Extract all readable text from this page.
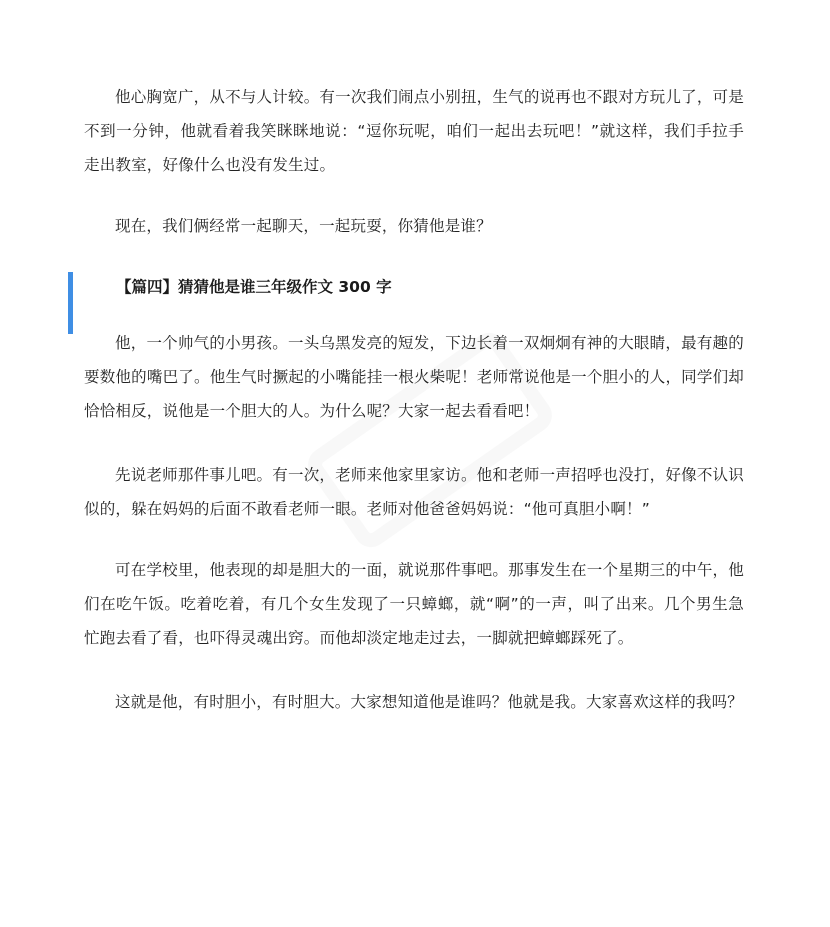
他心胸宽广，从不与人计较。有一次我们闹点小别扭，生气的说再也不跟对方玩儿了，可是不到一分钟，他就看着我笑眯眯地说：“逗你玩呢，咱们一起出去玩吧！”就这样，我们手拉手走出教室，好像什么也没有发生过。

现在，我们俩经常一起聊天，一起玩耍，你猜他是谁？

【篇四】猜猜他是谁三年级作文 300 字

他，一个帅气的小男孩。一头乌黑发亮的短发，下边长着一双炯炯有神的大眼睛，最有趣的要数他的嘴巴了。他生气时撅起的小嘴能挂一根火柴呢！老师常说他是一个胆小的人，同学们却恰恰相反，说他是一个胆大的人。为什么呢？大家一起去看看吧！

先说老师那件事儿吧。有一次，老师来他家里家访。他和老师一声招呼也没打，好像不认识似的，躲在妈妈的后面不敢看老师一眼。老师对他爸爸妈妈说：“他可真胆小啊！”

可在学校里，他表现的却是胆大的一面，就说那件事吧。那事发生在一个星期三的中午，他们在吃午饭。吃着吃着，有几个女生发现了一只蟑螂，就“啊”的一声，叫了出来。几个男生急忙跑去看了看，也吓得灵魂出窍。而他却淡定地走过去，一脚就把蟑螂踩死了。

这就是他，有时胆小，有时胆大。大家想知道他是谁吗？他就是我。大家喜欢这样的我吗？
